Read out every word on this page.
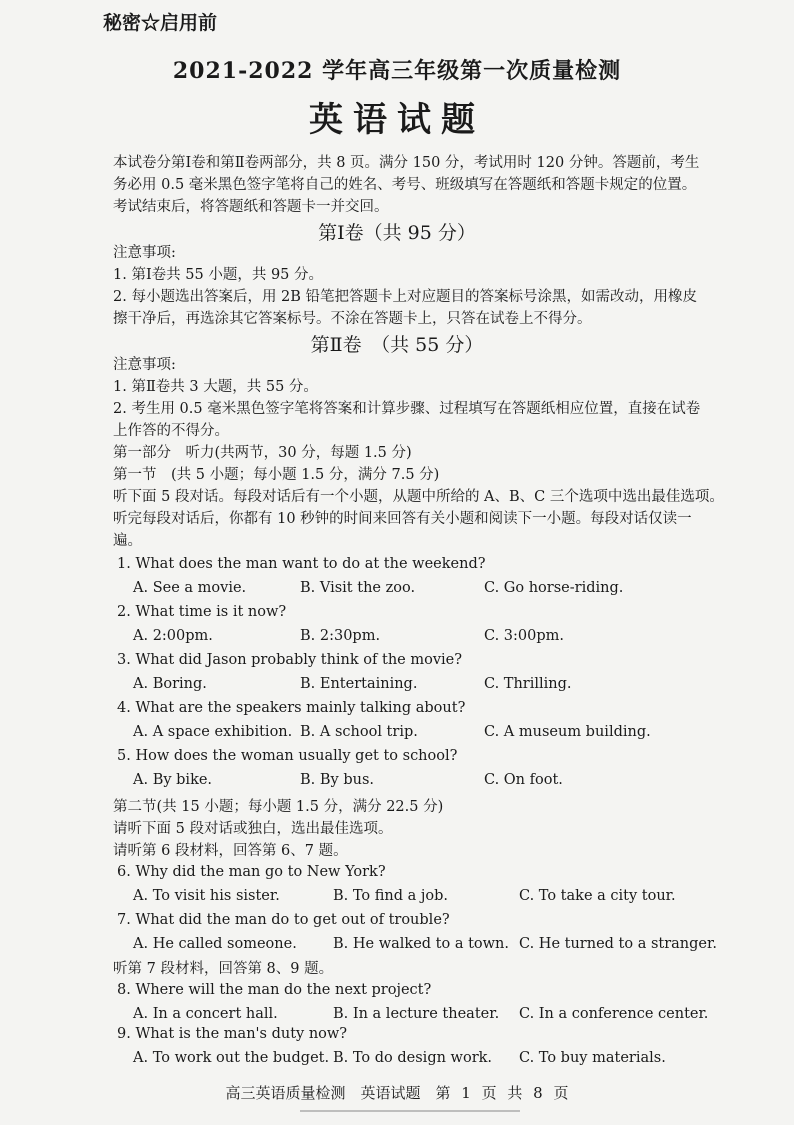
秘密☆启用前
2021-2022 学年高三年级第一次质量检测
英语试题
本试卷分第Ⅰ卷和第Ⅱ卷两部分，共 8 页。满分 150 分，考试用时 120 分钟。答题前，考生
务必用 0.5 毫米黑色签字笔将自己的姓名、考号、班级填写在答题纸和答题卡规定的位置。
考试结束后，将答题纸和答题卡一并交回。
第Ⅰ卷（共 95 分）
注意事项:
1. 第Ⅰ卷共 55 小题，共 95 分。
2. 每小题选出答案后，用 2B 铅笔把答题卡上对应题目的答案标号涂黑，如需改动，用橡皮
擦干净后，再选涂其它答案标号。不涂在答题卡上，只答在试卷上不得分。
第Ⅱ卷　（共 55 分）
注意事项:
1. 第Ⅱ卷共 3 大题，共 55 分。
2. 考生用 0.5 毫米黑色签字笔将答案和计算步骤、过程填写在答题纸相应位置，直接在试卷
上作答的不得分。
第一部分　听力(共两节，30 分，每题 1.5 分)
第一节　(共 5 小题；每小题 1.5 分，满分 7.5 分)
听下面 5 段对话。每段对话后有一个小题，从题中所给的 A、B、C 三个选项中选出最佳选项。
听完每段对话后，你都有 10 秒钟的时间来回答有关小题和阅读下一小题。每段对话仅读一
遍。
1. What does the man want to do at the weekend?
A. See a movie.	B. Visit the zoo.	C. Go horse-riding.
2. What time is it now?
A. 2:00pm.	B. 2:30pm.	C. 3:00pm.
3. What did Jason probably think of the movie?
A. Boring.	B. Entertaining.	C. Thrilling.
4. What are the speakers mainly talking about?
A. A space exhibition. B. A school trip.	C. A museum building.
5. How does the woman usually get to school?
A. By bike.	B. By bus.	C. On foot.
第二节(共 15 小题；每小题 1.5 分，满分 22.5 分)
请听下面 5 段对话或独白，选出最佳选项。
请听第 6 段材料，回答第 6、7 题。
6. Why did the man go to New York?
A. To visit his sister.	B. To find a job.	C. To take a city tour.
7. What did the man do to get out of trouble?
A. He called someone. B. He walked to a town. C. He turned to a stranger.
听第 7 段材料，回答第 8、9 题。
8. Where will the man do the next project?
A. In a concert hall.	B. In a lecture theater. C. In a conference center.
9. What is the man's duty now?
高三英语质量检测　英语试题　第 1 页 共 8 页
A. To work out the budget. B. To do design work. C. To buy materials.
